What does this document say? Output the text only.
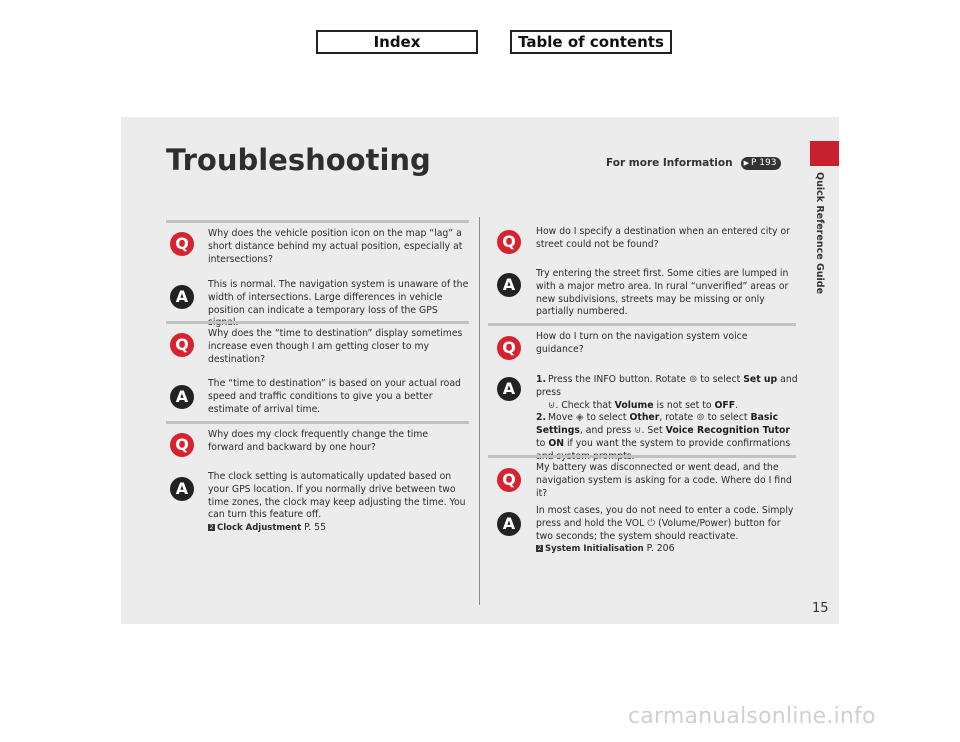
Index	Table of contents
Quick Reference Guide
Troubleshooting	For more Information ▶ P 193
Q
Why does the vehicle position icon on the map “lag” a short distance behind my actual position, especially at intersections?
A
This is normal. The navigation system is unaware of the width of intersections. Large differences in vehicle position can indicate a temporary loss of the GPS
Q
Why does the “time to destination” display sometimes increase even though I am getting closer to my destination?
A
The “time to destination” is based on your actual road speed and traffic conditions to give you a better estimate of arrival time.
Q
Why does my clock frequently change the time forward and backward by one hour?
A
The clock setting is automatically updated based on your GPS location. If you normally drive between two time zones, the clock may keep adjusting the time. You can turn this feature off.
2 Clock Adjustment P. 55
Q
How do I specify a destination when an entered city or street could not be found?
A
Try entering the street first. Some cities are lumped in with a major metro area. In rural “unverified” areas or new subdivisions, streets may be missing or only partially numbered.
Q
How do I turn on the navigation system voice guidance?
A	1. Press the INFO button. Rotate ⊚ to select Set up and press
⊍. Check that Volume is not set to OFF.
2. Move ◈ to select Other, rotate ⊚ to select Basic Settings, and press ⊍. Set Voice Recognition Tutor to ON if you want the system to provide confirmations
Q
My battery was disconnected or went dead, and the navigation system is asking for a code. Where do I find it?
A
In most cases, you do not need to enter a code. Simply press and hold the VOL ⏻ (Volume/Power) button for two seconds; the system should reactivate.
2 System Initialisation P. 206
15
carmanualsonline.info
